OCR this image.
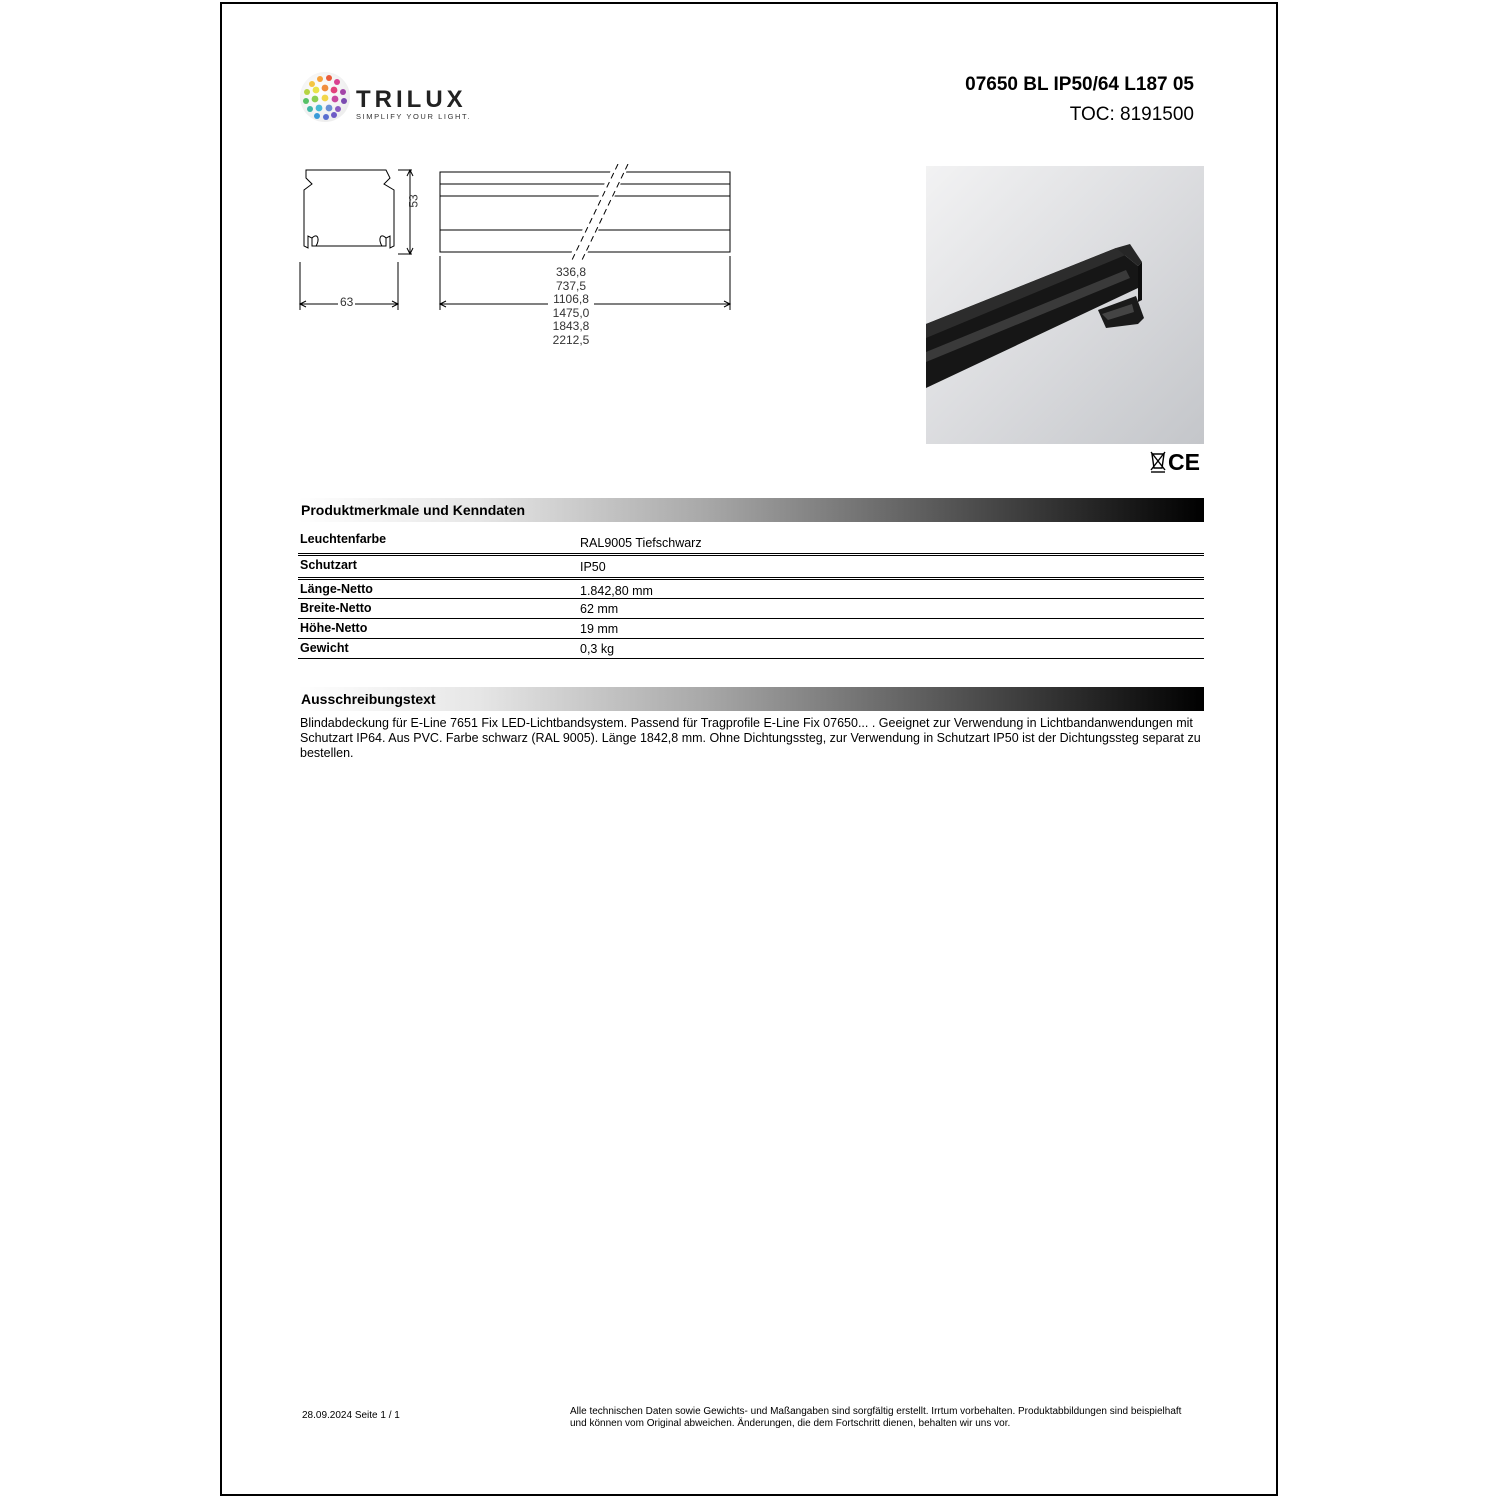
TRILUX
SIMPLIFY YOUR LIGHT.
07650 BL IP50/64 L187 05
TOC: 8191500
53
63
336,8
737,5
1106,8
1475,0
1843,8
2212,5
CE
Produktmerkmale und Kenndaten
Leuchtenfarbe	RAL9005 Tiefschwarz
Schutzart	IP50
Länge-Netto	1.842,80 mm
Breite-Netto	62 mm
Höhe-Netto	19 mm
Gewicht	0,3 kg
Ausschreibungstext
Blindabdeckung für E-Line 7651 Fix LED-Lichtbandsystem. Passend für Tragprofile E-Line Fix 07650... . Geeignet zur Verwendung in Lichtbandanwendungen mit Schutzart IP64. Aus PVC. Farbe schwarz (RAL 9005). Länge 1842,8 mm. Ohne Dichtungssteg, zur Verwendung in Schutzart IP50 ist der Dichtungssteg separat zu bestellen.
28.09.2024 Seite 1 / 1	Alle technischen Daten sowie Gewichts- und Maßangaben sind sorgfältig erstellt. Irrtum vorbehalten. Produktabbildungen sind beispielhaft und können vom Original abweichen. Änderungen, die dem Fortschritt dienen, behalten wir uns vor.
